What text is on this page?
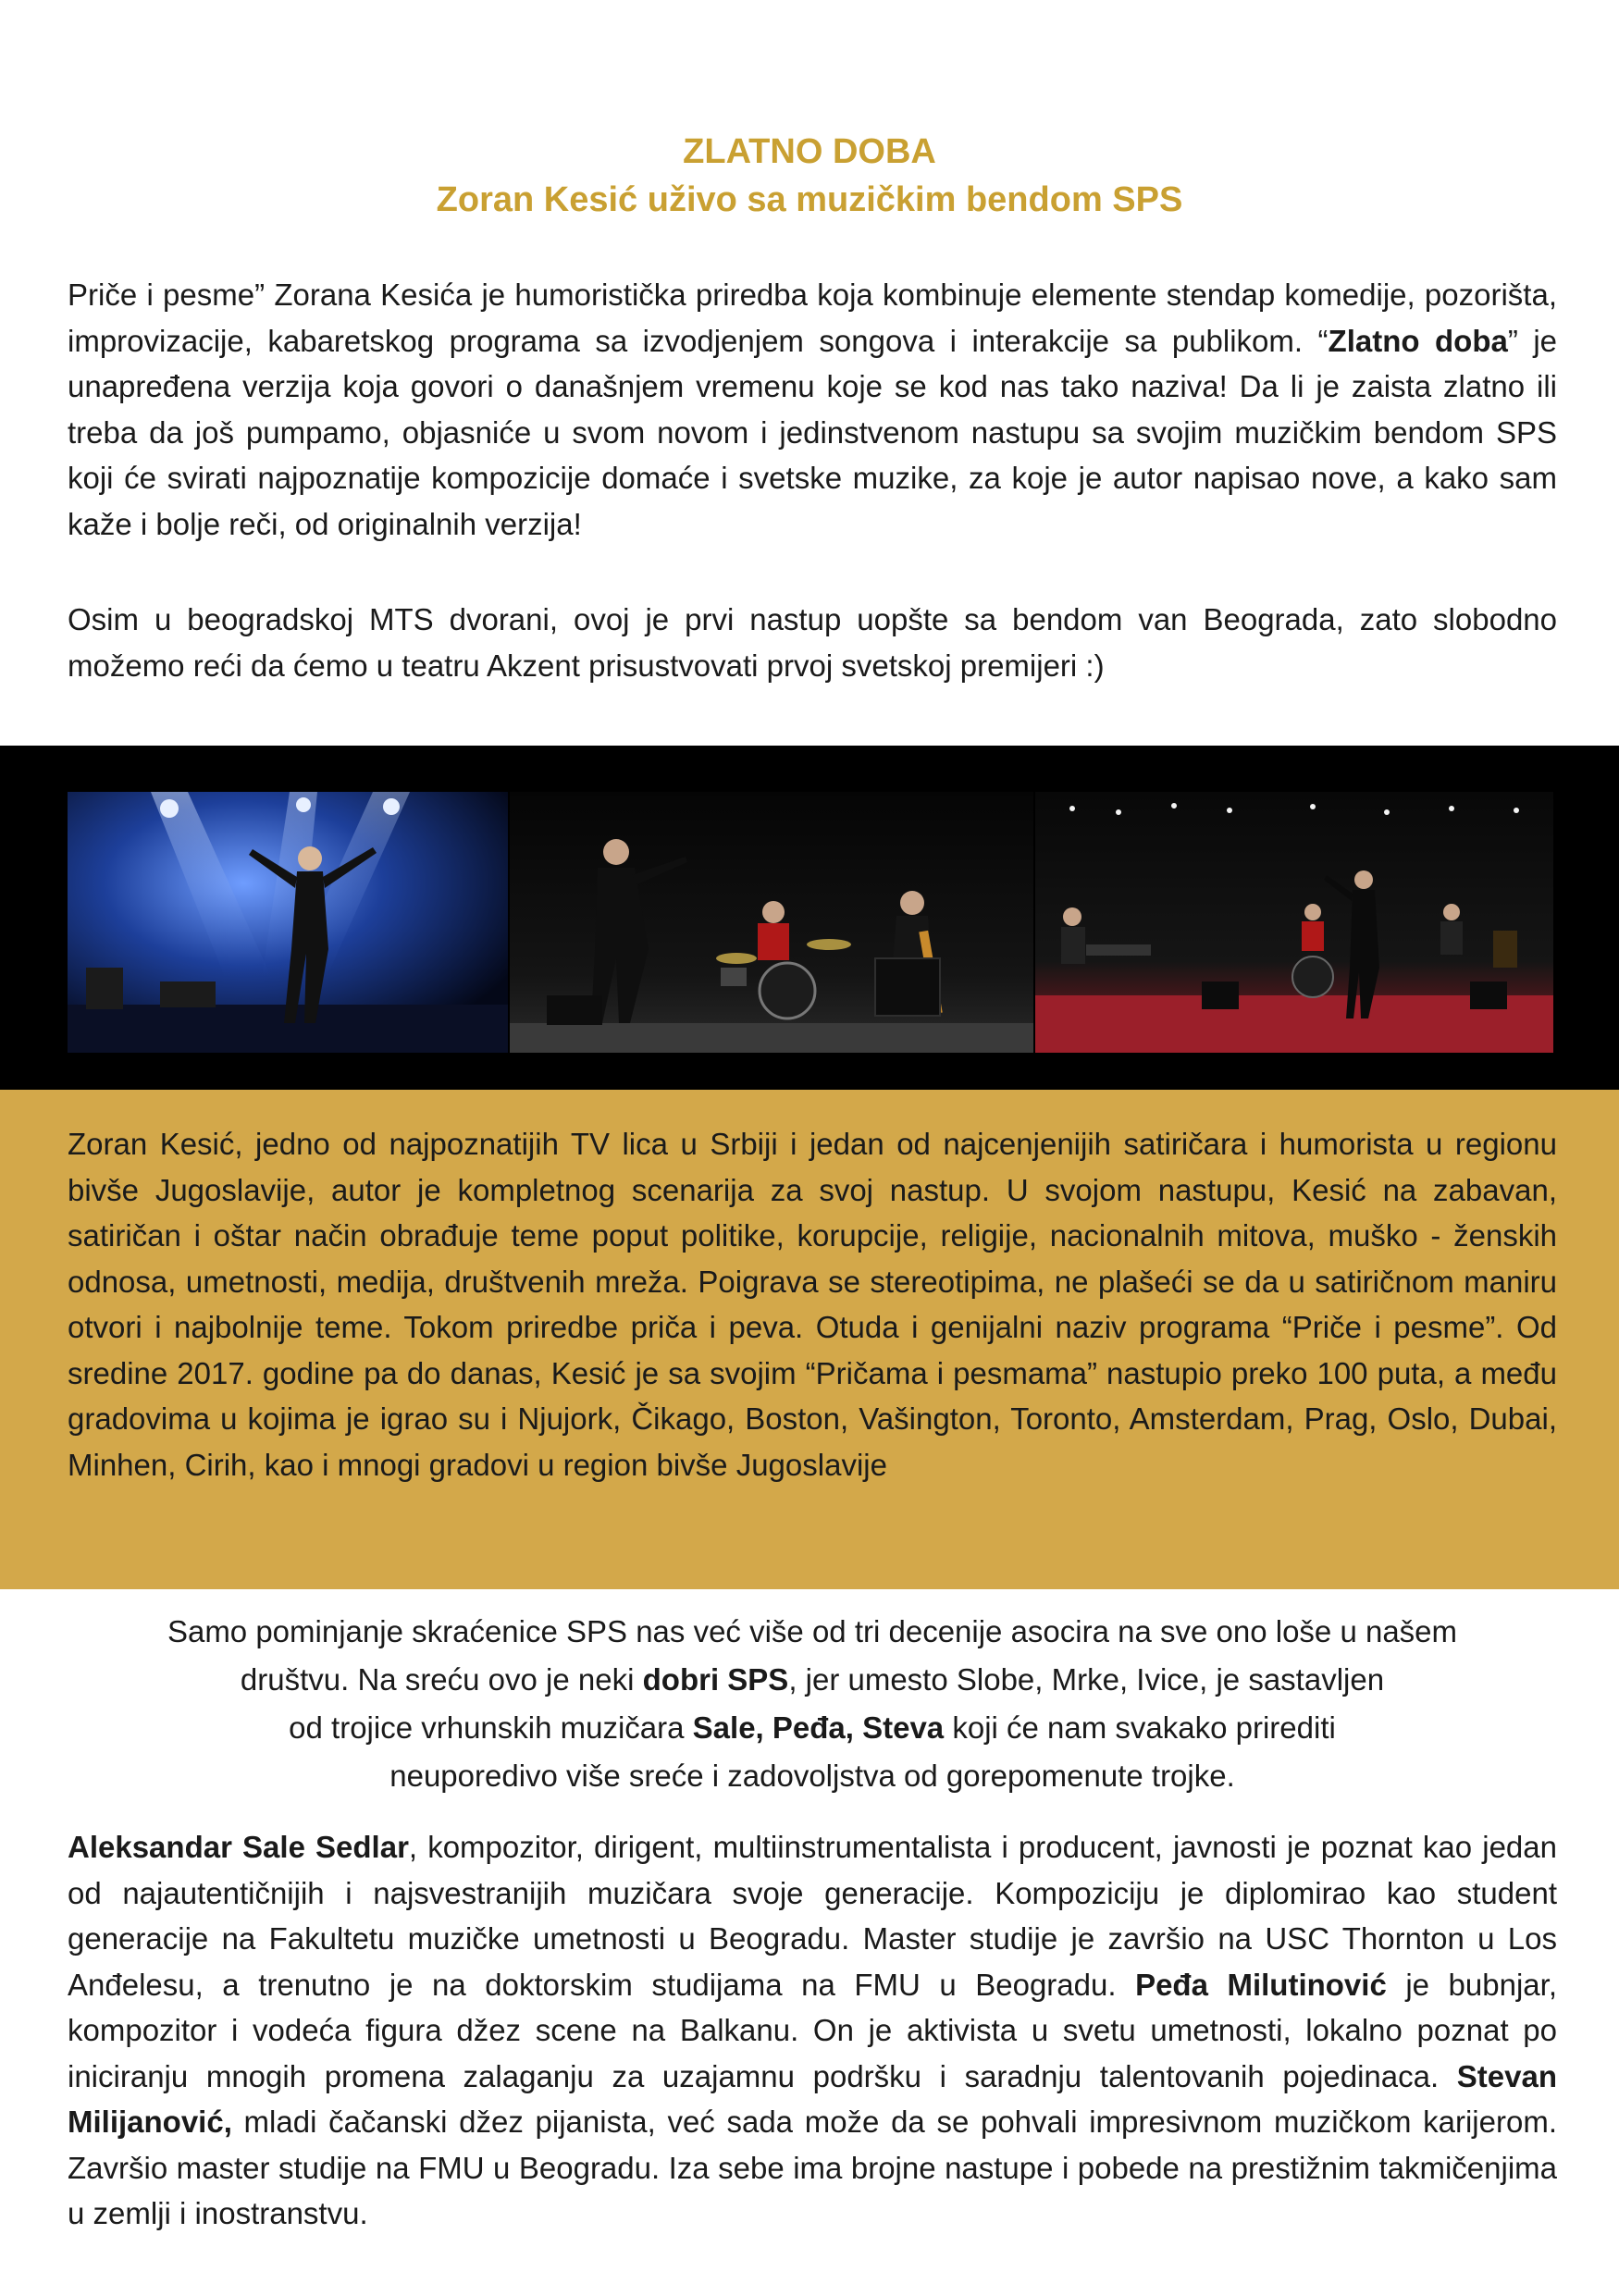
ZLATNO DOBA

Zoran Kesić uživo sa muzičkim bendom SPS

Priče i pesme” Zorana Kesića je humoristička priredba koja kombinuje elemente stendap komedije, pozorišta, improvizacije, kabaretskog programa sa izvodjenjem songova i interakcije sa publikom. “Zlatno doba” je unapređena verzija koja govori o današnjem vremenu koje se kod nas tako naziva! Da li je zaista zlatno ili treba da još pumpamo, objasniće u svom novom i jedinstvenom nastupu sa svojim muzičkim bendom SPS koji će svirati najpoznatije kompozicije domaće i svetske muzike, za koje je autor napisao nove, a kako sam kaže i bolje reči, od originalnih verzija!

Osim u beogradskoj MTS dvorani, ovoj je prvi nastup uopšte sa bendom van Beograda, zato slobodno možemo reći da ćemo u teatru Akzent prisustvovati prvoj svetskoj premijeri :)

Zoran Kesić, jedno od najpoznatijih TV lica u Srbiji i jedan od najcenjenijih satiričara i humorista u regionu bivše Jugoslavije, autor je kompletnog scenarija za svoj nastup. U svojom nastupu, Kesić na zabavan, satiričan i oštar način obrađuje teme poput politike, korupcije, religije, nacionalnih mitova, muško - ženskih odnosa, umetnosti, medija, društvenih mreža. Poigrava se stereotipima, ne plašeći se da u satiričnom maniru otvori i najbolnije teme. Tokom priredbe priča i peva. Otuda i genijalni naziv programa “Priče i pesme”. Od sredine 2017. godine pa do danas, Kesić je sa svojim “Pričama i pesmama” nastupio preko 100 puta, a među gradovima u kojima je igrao su i Njujork, Čikago, Boston, Vašington, Toronto, Amsterdam, Prag, Oslo, Dubai, Minhen, Cirih, kao i mnogi gradovi u region bivše Jugoslavije

Samo pominjanje skraćenice SPS nas već više od tri decenije asocira na sve ono loše u našem

društvu. Na sreću ovo je neki dobri SPS, jer umesto Slobe, Mrke, Ivice, je sastavljen

od trojice vrhunskih muzičara Sale, Peđa, Steva koji će nam svakako prirediti

neuporedivo više sreće i zadovoljstva od gorepomenute trojke.

Aleksandar Sale Sedlar, kompozitor, dirigent, multiinstrumentalista i producent, javnosti je poznat kao jedan od najautentičnijih i najsvestranijih muzičara svoje generacije. Kompoziciju je diplomirao kao student generacije na Fakultetu muzičke umetnosti u Beogradu. Master studije je završio na USC Thornton u Los Anđelesu, a trenutno je na doktorskim studijama na FMU u Beogradu. Peđa Milutinović je bubnjar, kompozitor i vodeća figura džez scene na Balkanu. On je aktivista u svetu umetnosti, lokalno poznat po iniciranju mnogih promena zalaganju za uzajamnu podršku i saradnju talentovanih pojedinaca. Stevan Milijanović, mladi čačanski džez pijanista, već sada može da se pohvali impresivnom muzičkom karijerom. Završio master studije na FMU u Beogradu. Iza sebe ima brojne nastupe i pobede na prestižnim takmičenjima u zemlji i inostranstvu.
